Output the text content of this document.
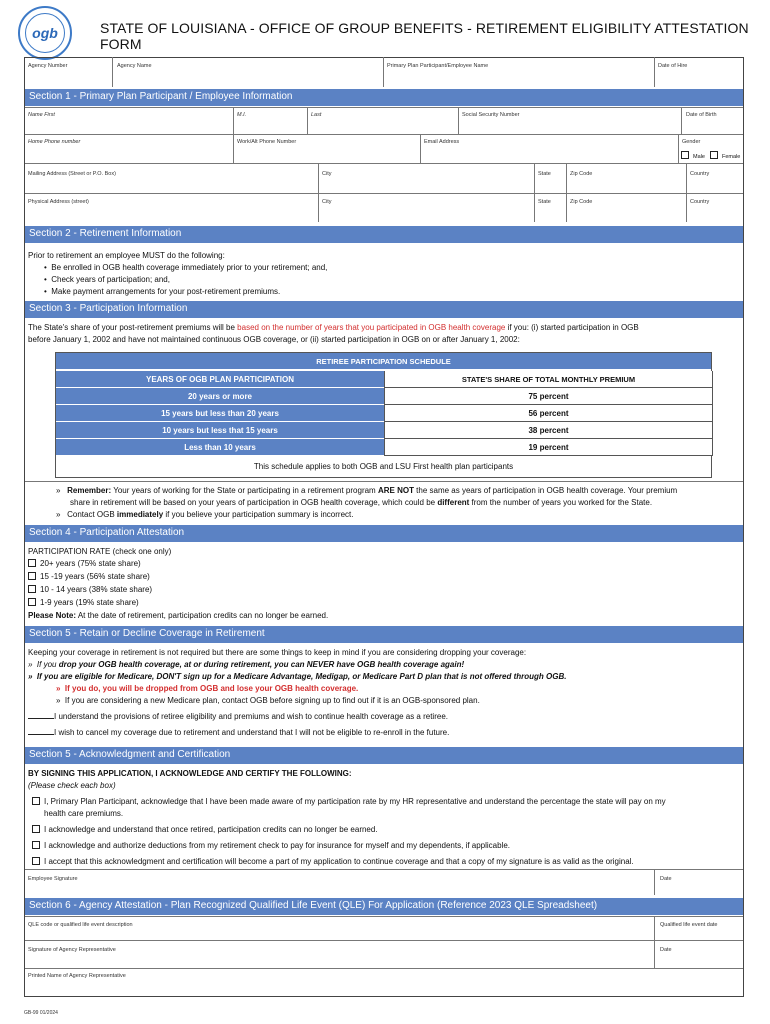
ogb	STATE OF LOUISIANA - OFFICE OF GROUP BENEFITS - RETIREMENT ELIGIBILITY ATTESTATION FORM
Agency Number	Agency Name	Primary Plan Participant/Employee Name	Date of Hire
Section 1 - Primary Plan Participant / Employee Information
Name First	M.I.	Last	Social Security Number	Date of Birth
Home Phone number	Work/Alt Phone Number	Email Address	Gender
Male	Female
Mailing Address (Street or P.O. Box)	City	State	Zip Code	Country
Physical Address (street)	City	State	Zip Code	Country
Section 2 - Retirement Information
Prior to retirement an employee MUST do the following:
•  Be enrolled in OGB health coverage immediately prior to your retirement; and,
•  Check years of participation; and,
•  Make payment arrangements for your post-retirement premiums.
Section 3 - Participation Information
The State's share of your post-retirement premiums will be based on the number of years that you participated in OGB health coverage if you: (i) started participation in OGB
before January 1, 2002 and have not maintained continuous OGB coverage, or (ii) started participation in OGB on or after January 1, 2002:
RETIREE PARTICIPATION SCHEDULE
YEARS OF OGB PLAN PARTICIPATION	STATE'S SHARE OF TOTAL MONTHLY PREMIUM
20 years or more	75 percent
15 years but less than 20 years	56 percent
10 years but less that 15 years	38 percent
Less than 10 years	19 percent
This schedule applies to both OGB and LSU First health plan participants
»   Remember: Your years of working for the State or participating in a retirement program ARE NOT the same as years of participation in OGB health coverage. Your premium
share in retirement will be based on your years of participation in OGB health coverage, which could be different from the number of years you worked for the State.
»   Contact OGB immediately if you believe your participation summary is incorrect.
Section 4 - Participation Attestation
PARTICIPATION RATE (check one only)
20+ years (75% state share)
15 -19 years (56% state share)
10 - 14 years (38% state share)
1-9 years (19% state share)
Please Note: At the date of retirement, participation credits can no longer be earned.
Section 5 - Retain or Decline Coverage in Retirement
Keeping your coverage in retirement is not required but there are some things to keep in mind if you are considering dropping your coverage:
»  If you drop your OGB health coverage, at or during retirement, you can NEVER have OGB health coverage again!
»  If you are eligible for Medicare, DON'T sign up for a Medicare Advantage, Medigap, or Medicare Part D plan that is not offered through OGB.
»  If you do, you will be dropped from OGB and lose your OGB health coverage.
»  If you are considering a new Medicare plan, contact OGB before signing up to find out if it is an OGB-sponsored plan.
I understand the provisions of retiree eligibility and premiums and wish to continue health coverage as a retiree.
I wish to cancel my coverage due to retirement and understand that I will not be eligible to re-enroll in the future.
Section 5 - Acknowledgment and Certification
BY SIGNING THIS APPLICATION, I ACKNOWLEDGE AND CERTIFY THE FOLLOWING:
(Please check each box)
I, Primary Plan Participant, acknowledge that I have been made aware of my participation rate by my HR representative and understand the percentage the state will pay on my
health care premiums.
I acknowledge and understand that once retired, participation credits can no longer be earned.
I acknowledge and authorize deductions from my retirement check to pay for insurance for myself and my dependents, if applicable.
I accept that this acknowledgment and certification will become a part of my application to continue coverage and that a copy of my signature is as valid as the original.
Employee Signature	Date
Section 6 - Agency Attestation - Plan Recognized Qualified Life Event (QLE) For Application (Reference 2023 QLE Spreadsheet)
QLE code or qualified life event description	Qualified life event date
Signature of Agency Representative	Date
Printed Name of Agency Representative
GB-99 01/2024
